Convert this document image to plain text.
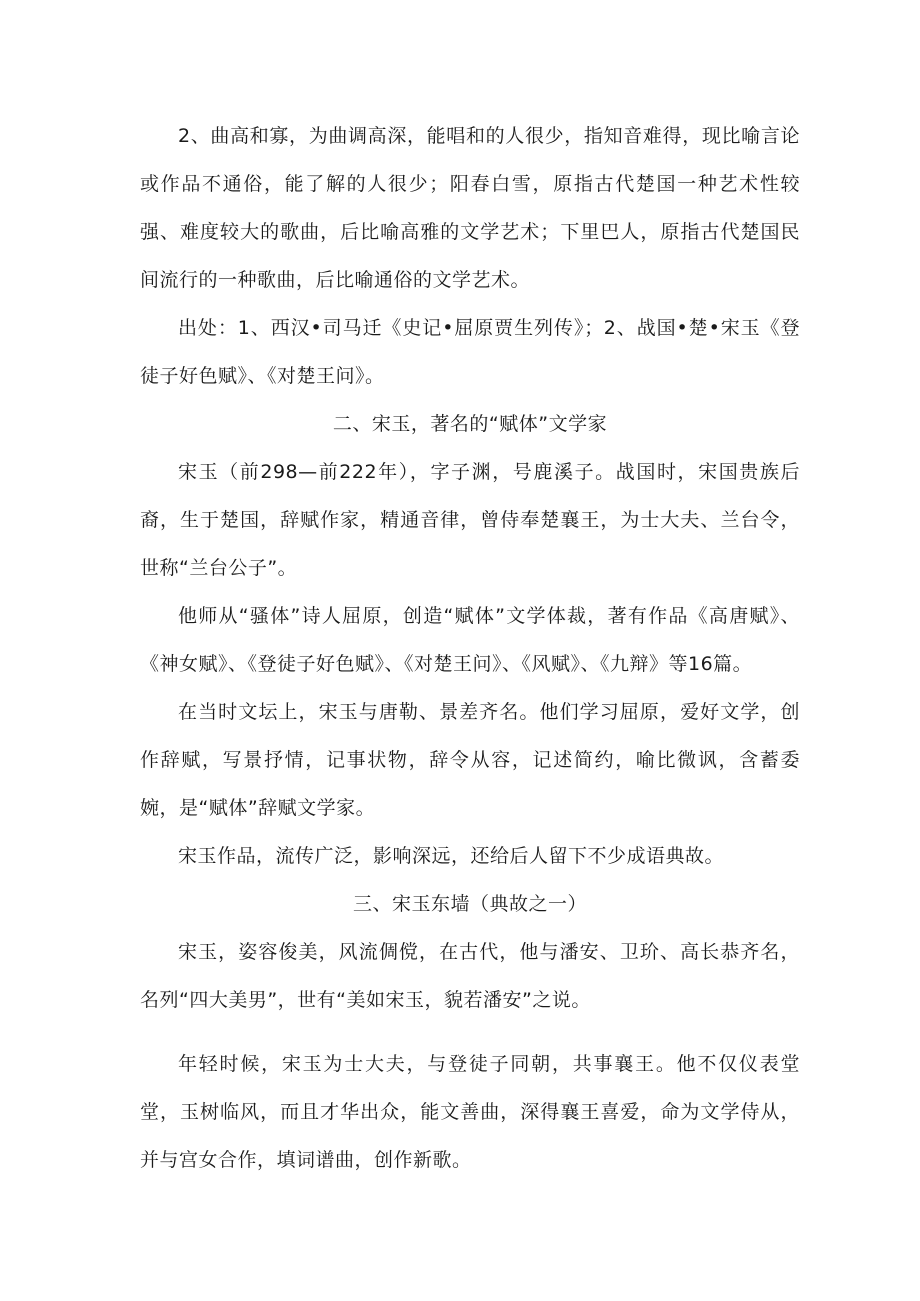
2、曲高和寡，为曲调高深，能唱和的人很少，指知音难得，现比喻言论或作品不通俗，能了解的人很少；阳春白雪，原指古代楚国一种艺术性较强、难度较大的歌曲，后比喻高雅的文学艺术；下里巴人，原指古代楚国民间流行的一种歌曲，后比喻通俗的文学艺术。

出处：1、西汉•司马迁《史记•屈原贾生列传》；2、战国•楚•宋玉《登徒子好色赋》、《对楚王问》。

二、宋玉，著名的“赋体”文学家

宋玉（前298—前222年），字子渊，号鹿溪子。战国时，宋国贵族后裔，生于楚国，辞赋作家，精通音律，曾侍奉楚襄王，为士大夫、兰台令，世称“兰台公子”。

他师从“骚体”诗人屈原，创造“赋体”文学体裁，著有作品《高唐赋》、《神女赋》、《登徒子好色赋》、《对楚王问》、《风赋》、《九辩》等16篇。

在当时文坛上，宋玉与唐勒、景差齐名。他们学习屈原，爱好文学，创作辞赋，写景抒情，记事状物，辞令从容，记述简约，喻比微讽，含蓄委婉，是“赋体”辞赋文学家。

宋玉作品，流传广泛，影响深远，还给后人留下不少成语典故。

三、宋玉东墙（典故之一）

宋玉，姿容俊美，风流倜傥，在古代，他与潘安、卫玠、高长恭齐名，名列“四大美男”，世有“美如宋玉，貌若潘安”之说。

年轻时候，宋玉为士大夫，与登徒子同朝，共事襄王。他不仅仪表堂堂，玉树临风，而且才华出众，能文善曲，深得襄王喜爱，命为文学侍从，并与宫女合作，填词谱曲，创作新歌。
